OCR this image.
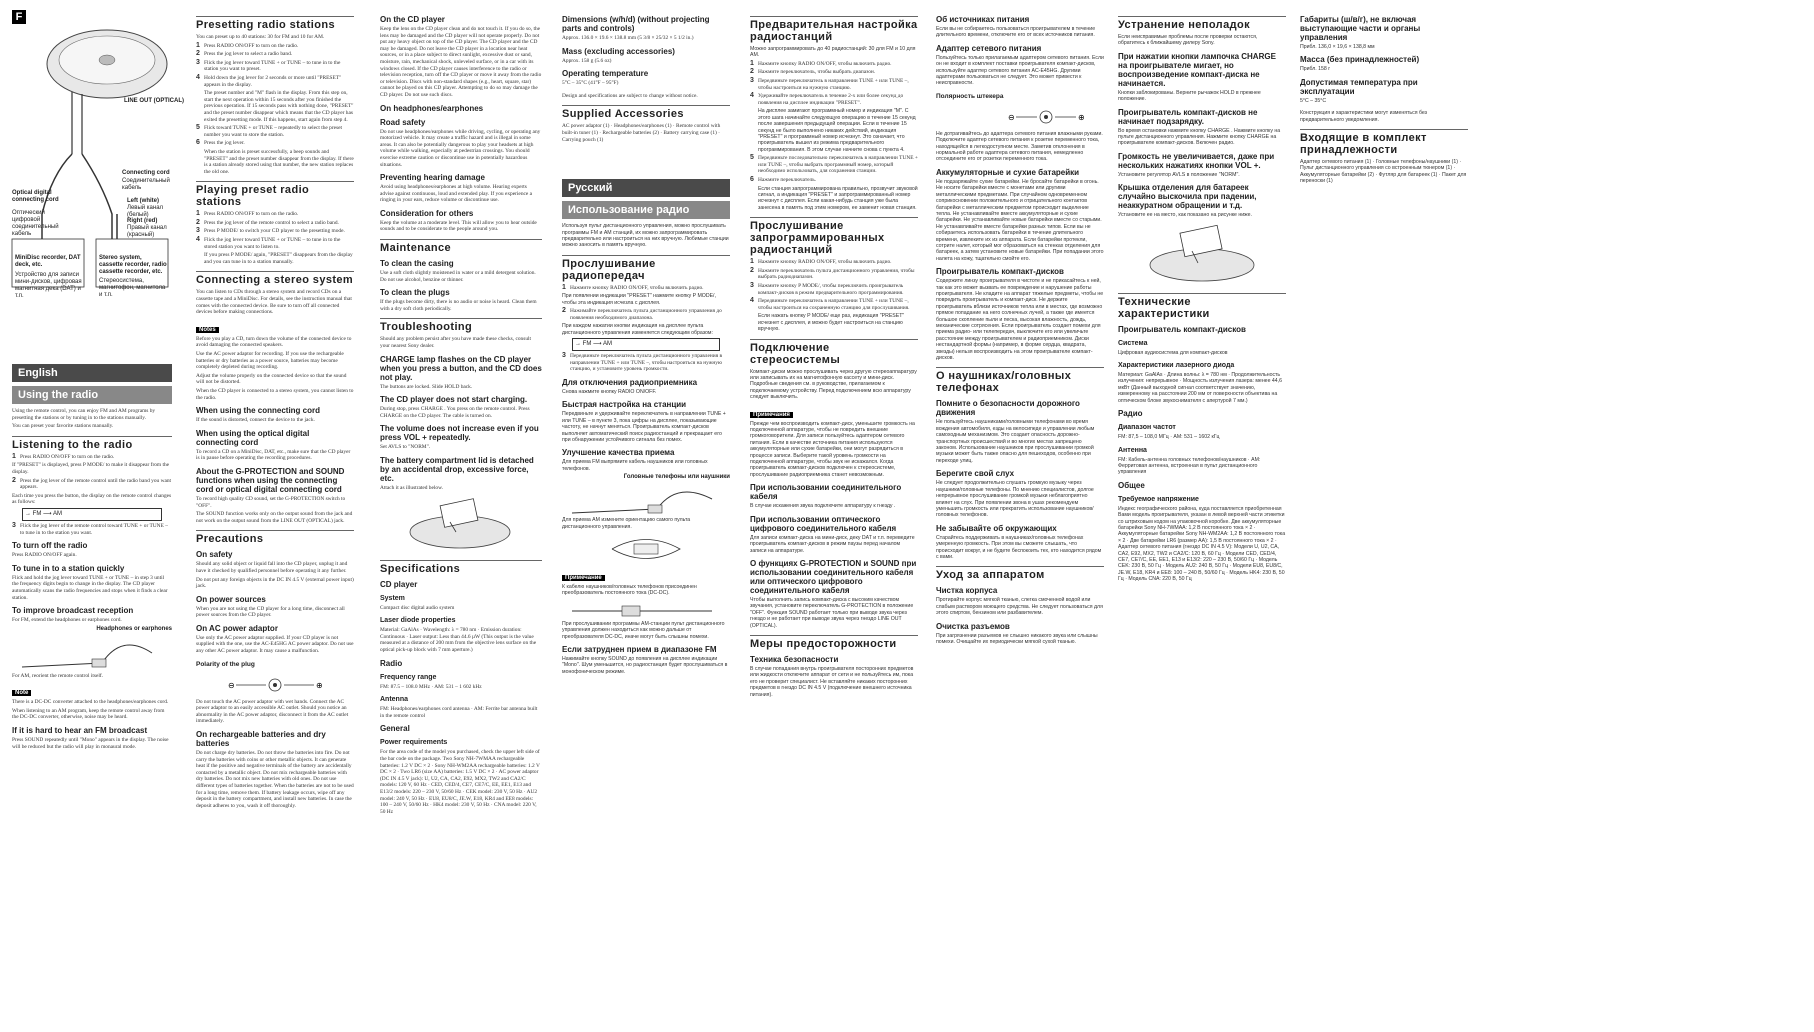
F
LINE OUT (OPTICAL)
Connecting cord
Соединительный кабель
Optical digital connecting cord
Оптический цифровой соединительный кабель
Left (white)
Левый канал (белый)
Right (red)
Правый канал (красный)
MiniDisc recorder, DAT deck, etc.
Устройство для записи мини-дисков, цифровая магнитная дека (DAT) и т.п.
Stereo system, cassette recorder, radio cassette recorder, etc.
Стереосистема, магнитофон, магнитола и т.п.
English
Using the radio

Using the remote control, you can enjoy FM and AM programs by presetting the stations or by tuning in to the stations manually.

You can preset your favorite stations manually.

Listening to the radio
1 Press RADIO ON/OFF to turn on the radio.

If "PRESET" is displayed, press P MODE/ to make it disappear from the display.

2 Press the jog lever of the remote control until the radio band you want appears.

Each time you press the button, the display on the remote control changes as follows:

→ FM ⟶ AM
3 Flick the jog lever of the remote control toward TUNE + or TUNE – to tune in to the station you want.
To turn off the radio

Press RADIO ON/OFF again.

To tune in to a station quickly

Flick and hold the jog lever toward TUNE + or TUNE – in step 3 until the frequency digits begin to change in the display. The CD player automatically scans the radio frequencies and stops when it finds a clear station.

To improve broadcast reception

For FM, extend the headphones or earphones cord.

Headphones or earphones

For AM, reorient the remote control itself.

Note

There is a DC-DC converter attached to the headphones/earphones cord.

When listening to an AM program, keep the remote control away from the DC-DC converter, otherwise, noise may be heard.

If it is hard to hear an FM broadcast

Press SOUND repeatedly until "Mono" appears in the display. The noise will be reduced but the radio will play in monaural mode.

Presetting radio stations

You can preset up to 40 stations: 30 for FM and 10 for AM.

1 Press RADIO ON/OFF to turn on the radio.
2 Press the jog lever to select a radio band.
3 Flick the jog lever toward TUNE + or TUNE – to tune in to the station you want to preset.
4 Hold down the jog lever for 2 seconds or more until "PRESET" appears in the display.

The preset number and "M" flash in the display. From this step on, start the next operation within 15 seconds after you finished the previous operation. If 15 seconds pass with nothing done, "PRESET" and the preset number disappear which means that the CD player has exited the presetting mode. If this happens, start again from step 4.

5 Flick toward TUNE + or TUNE – repeatedly to select the preset number you want to store the station.
6 Press the jog lever.

When the station is preset successfully, a beep sounds and "PRESET" and the preset number disappear from the display. If there is a station already stored using that number, the new station replaces the old one.

Playing preset radio stations
1 Press RADIO ON/OFF to turn on the radio.
2 Press the jog lever of the remote control to select a radio band.
3 Press P MODE/ to switch your CD player to the presetting mode.
4 Flick the jog lever toward TUNE + or TUNE – to tune in to the stored station you want to listen to.

If you press P MODE/ again, "PRESET" disappears from the display and you can tune in to a station manually.

Connecting a stereo system

You can listen to CDs through a stereo system and record CDs on a cassette tape and a MiniDisc. For details, see the instruction manual that comes with the connected device. Be sure to turn off all connected devices before making connections.

Notes

Before you play a CD, turn down the volume of the connected device to avoid damaging the connected speakers.

Use the AC power adaptor for recording. If you use the rechargeable batteries or dry batteries as a power source, batteries may become completely depleted during recording.

Adjust the volume properly on the connected device so that the sound will not be distorted.

When the CD player is connected to a stereo system, you cannot listen to the radio.

When using the connecting cord

If the sound is distorted, connect the device to the jack.

When using the optical digital connecting cord

To record a CD on a MiniDisc, DAT, etc., make sure that the CD player is in pause before operating the recording procedures.

About the G-PROTECTION and SOUND functions when using the connecting cord or optical digital connecting cord

To record high quality CD sound, set the G-PROTECTION switch to "OFF".

The SOUND function works only on the output sound from the jack and not work on the output sound from the LINE OUT (OPTICAL) jack.

Precautions
On safety

Should any solid object or liquid fall into the CD player, unplug it and have it checked by qualified personnel before operating it any further.

Do not put any foreign objects in the DC IN 4.5 V (external power input) jack.

On power sources

When you are not using the CD player for a long time, disconnect all power sources from the CD player.

On AC power adaptor

Use only the AC power adaptor supplied. If your CD player is not supplied with the one, use the AC-E45HG AC power adaptor. Do not use any other AC power adaptor. It may cause a malfunction.

Polarity of the plug
⊖	⊕

Do not touch the AC power adaptor with wet hands. Connect the AC power adaptor to an easily accessible AC outlet. Should you notice an abnormality in the AC power adaptor, disconnect it from the AC outlet immediately.

On rechargeable batteries and dry batteries

Do not charge dry batteries. Do not throw the batteries into fire. Do not carry the batteries with coins or other metallic objects. It can generate heat if the positive and negative terminals of the battery are accidentally contacted by a metallic object. Do not mix rechargeable batteries with dry batteries. Do not mix new batteries with old ones. Do not use different types of batteries together. When the batteries are not to be used for a long time, remove them. If battery leakage occurs, wipe off any deposit in the battery compartment, and install new batteries. In case the deposit adheres to you, wash it off thoroughly.

On the CD player

Keep the lens on the CD player clean and do not touch it. If you do so, the lens may be damaged and the CD player will not operate properly. Do not put any heavy object on top of the CD player. The CD player and the CD may be damaged. Do not leave the CD player in a location near heat sources, or in a place subject to direct sunlight, excessive dust or sand, moisture, rain, mechanical shock, unleveled surface, or in a car with its windows closed. If the CD player causes interference to the radio or television reception, turn off the CD player or move it away from the radio or television. Discs with non-standard shapes (e.g., heart, square, star) cannot be played on this CD player. Attempting to do so may damage the CD player. Do not use such discs.

On headphones/earphones
Road safety

Do not use headphones/earphones while driving, cycling, or operating any motorized vehicle. It may create a traffic hazard and is illegal in some areas. It can also be potentially dangerous to play your headsets at high volume while walking, especially at pedestrian crossings. You should exercise extreme caution or discontinue use in potentially hazardous situations.

Preventing hearing damage

Avoid using headphones/earphones at high volume. Hearing experts advise against continuous, loud and extended play. If you experience a ringing in your ears, reduce volume or discontinue use.

Consideration for others

Keep the volume at a moderate level. This will allow you to hear outside sounds and to be considerate to the people around you.

Maintenance
To clean the casing

Use a soft cloth slightly moistened in water or a mild detergent solution. Do not use alcohol, benzine or thinner.

To clean the plugs

If the plugs become dirty, there is no audio or noise is heard. Clean them with a dry soft cloth periodically.

Troubleshooting

Should any problem persist after you have made these checks, consult your nearest Sony dealer.

CHARGE lamp flashes on the CD player when you press a button, and the CD does not play.

The buttons are locked. Slide HOLD back.

The CD player does not start charging.

During stop, press CHARGE . You press on the remote control. Press CHARGE on the CD player. The cable is turned on.

The volume does not increase even if you press VOL + repeatedly.

Set AVLS to "NORM".

The battery compartment lid is detached by an accidental drop, excessive force, etc.

Attach it as illustrated below.

Specifications
CD player
System

Compact disc digital audio system

Laser diode properties

Material: GaAlAs · Wavelength: λ = 780 nm · Emission duration: Continuous · Laser output: Less than 44.6 µW (This output is the value measured at a distance of 200 mm from the objective lens surface on the optical pick-up block with 7 mm aperture.)

Radio
Frequency range

FM: 87.5 – 108.0 MHz · AM: 531 – 1 602 kHz

Antenna

FM: Headphones/earphones cord antenna · AM: Ferrite bar antenna built in the remote control

General
Power requirements

For the area code of the model you purchased, check the upper left side of the bar code on the package. Two Sony NH-7WMAA rechargeable batteries: 1.2 V DC × 2 · Sony NH-WM2AA rechargeable batteries: 1.2 V DC × 2 · Two LR6 (size AA) batteries: 1.5 V DC × 2 · AC power adaptor (DC IN 4.5 V jack): U, U2, CA, CA2, E92, MX2, TW2 and CA2/C models: 120 V, 60 Hz · CED, CED/4, CE7, CE7/C, EE, EE1, E13 and E13/2 models: 220 – 230 V, 50/60 Hz · CEK model: 230 V, 50 Hz · AU2 model: 240 V, 50 Hz · EU8, EU8/C, JE.W, E18, KR4 and EE8 models: 100 – 240 V, 50/60 Hz · HK4 model: 230 V, 50 Hz · CNA model: 220 V, 50 Hz

Dimensions (w/h/d) (without projecting parts and controls)

Approx. 136.0 × 19.6 × 138.8 mm (5 3/8 × 25/32 × 5 1/2 in.)

Mass (excluding accessories)

Approx. 158 g (5.6 oz)

Operating temperature

5°C – 35°C (41°F – 95°F)

Design and specifications are subject to change without notice.

Supplied Accessories

AC power adaptor (1) · Headphones/earphones (1) · Remote control with built-in tuner (1) · Rechargeable batteries (2) · Battery carrying case (1) · Carrying pouch (1)

Русский
Использование радио

Используя пульт дистанционного управления, можно прослушивать программы FM и AM станций, их можно запрограммировать предварительно или настроиться на них вручную. Любимые станции можно заносить в память вручную.

Прослушивание радиопередач
1 Нажмите кнопку RADIO ON/OFF, чтобы включить радио.

При появлении индикации "PRESET" нажмите кнопку P MODE/, чтобы эта индикация исчезла с дисплея.

2 Нажимайте переключатель пульта дистанционного управления до появления необходимого диапазона.

При каждом нажатии кнопки индикация на дисплее пульта дистанционного управления изменяется следующим образом:

→ FM ⟶ AM
3 Передвиньте переключатель пульта дистанционного управления в направлении TUNE + или TUNE –, чтобы настроиться на нужную станцию, и установите уровень громкости.
Для отключения радиоприемника

Снова нажмите кнопку RADIO ON/OFF.

Быстрая настройка на станции

Передвиньте и удерживайте переключатель в направлении TUNE + или TUNE – в пункте 3, пока цифры на дисплее, показывающие частоту, не начнут меняться. Проигрыватель компакт-дисков выполняет автоматический поиск радиостанций и прекращает его при обнаружении устойчивого сигнала без помех.

Улучшение качества приема

Для приема FM выпрямите кабель наушников или головных телефонов.

Головные телефоны или наушники

Для приема AM измените ориентацию самого пульта дистанционного управления.

Примечание

К кабелю наушников/головных телефонов присоединен преобразователь постоянного тока (DC-DC).

При прослушивании программы AM-станции пульт дистанционного управления должен находиться как можно дальше от преобразователя DC-DC, иначе могут быть слышны помехи.

Если затруднен прием в диапазоне FM

Нажимайте кнопку SOUND до появления на дисплее индикации "Mono". Шум уменьшится, но радиостанция будет прослушиваться в монофоническом режиме.

Предварительная настройка радиостанций

Можно запрограммировать до 40 радиостанций: 30 для FM и 10 для AM.

1 Нажмите кнопку RADIO ON/OFF, чтобы включить радио.
2 Нажмите переключатель, чтобы выбрать диапазон.
3 Передвиньте переключатель в направлении TUNE + или TUNE –, чтобы настроиться на нужную станцию.
4 Удерживайте переключатель в течение 2-х или более секунд до появления на дисплее индикации "PRESET".

На дисплее замигают программный номер и индикация "M". С этого шага начинайте следующую операцию в течение 15 секунд после завершения предыдущей операции. Если в течение 15 секунд не было выполнено никаких действий, индикация "PRESET" и программный номер исчезнут. Это означает, что проигрыватель вышел из режима предварительного программирования. В этом случае начните снова с пункта 4.

5 Передвиньте последовательно переключатель в направлении TUNE + или TUNE –, чтобы выбрать программный номер, который необходимо использовать, для сохранения станции.
6 Нажмите переключатель.

Если станция запрограммирована правильно, прозвучит звуковой сигнал, а индикация "PRESET" и запрограммированный номер исчезнут с дисплея. Если какая-нибудь станция уже была занесена в память под этим номером, ее заменит новая станция.

Прослушивание запрограммированных радиостанций
1 Нажмите кнопку RADIO ON/OFF, чтобы включить радио.
2 Нажмите переключатель пульта дистанционного управления, чтобы выбрать радиодиапазон.
3 Нажмите кнопку P MODE/, чтобы переключить проигрыватель компакт-дисков в режим предварительного программирования.
4 Передвиньте переключатель в направлении TUNE + или TUNE –, чтобы настроиться на сохраненную станцию для прослушивания.

Если нажать кнопку P MODE/ еще раз, индикация "PRESET" исчезнет с дисплея, и можно будет настроиться на станцию вручную.

Подключение стереосистемы

Компакт-диски можно прослушивать через другую стереоаппаратуру или записывать их на магнитофонную кассету и мини-диск. Подробные сведения см. в руководстве, прилагаемом к подключаемому устройству. Перед подключением всю аппаратуру следует выключить.

Примечания

Прежде чем воспроизводить компакт-диск, уменьшите громкость на подключенной аппаратуре, чтобы не повредить внешние громкоговорители. Для записи пользуйтесь адаптером сетевого питания. Если в качестве источника питания используются аккумуляторные или сухие батарейки, они могут разрядиться в процессе записи. Выберите такой уровень громкости на подключенной аппаратуре, чтобы звук не искажался. Когда проигрыватель компакт-дисков подключен к стереосистеме, прослушивание радиоприемника станет невозможным.

При использовании соединительного кабеля

В случае искажения звука подключите аппаратуру к гнезду .

При использовании оптического цифрового соединительного кабеля

Для записи компакт-диска на мини-диск, деку DAT и т.п. переведите проигрыватель компакт-дисков в режим паузы перед началом записи на аппаратуре.

О функциях G-PROTECTION и SOUND при использовании соединительного кабеля или оптического цифрового соединительного кабеля

Чтобы выполнить запись компакт-диска с высоким качеством звучания, установите переключатель G-PROTECTION в положение "OFF". Функция SOUND работает только при выводе звука через гнездо и не работает при выводе звука через гнездо LINE OUT (OPTICAL).

Меры предосторожности
Техника безопасности

В случае попадания внутрь проигрывателя посторонних предметов или жидкости отключите аппарат от сети и не пользуйтесь им, пока его не проверит специалист. Не вставляйте никаких посторонних предметов в гнездо DC IN 4.5 V (подключение внешнего источника питания).

Об источниках питания

Если вы не собираетесь пользоваться проигрывателем в течение длительного времени, отключите его от всех источников питания.

Адаптер сетевого питания

Пользуйтесь только прилагаемым адаптером сетевого питания. Если он не входит в комплект поставки проигрывателя компакт-дисков, используйте адаптер сетевого питания AC-E45HG. Другими адаптерами пользоваться не следует. Это может привести к неисправности.

Полярность штекера
⊖	⊕

Не дотрагивайтесь до адаптера сетевого питания влажными руками. Подключите адаптер сетевого питания к розетке переменного тока, находящейся в легкодоступном месте. Заметив отклонения в нормальной работе адаптера сетевого питания, немедленно отсоедините его от розетки переменного тока.

Аккумуляторные и сухие батарейки

Не подзаряжайте сухие батарейки. Не бросайте батарейки в огонь. Не носите батарейки вместе с монетами или другими металлическими предметами. При случайном одновременном соприкосновении положительного и отрицательного контактов батарейки с металлическим предметом происходит выделение тепла. Не устанавливайте вместе аккумуляторные и сухие батарейки. Не устанавливайте новые батарейки вместе со старыми. Не устанавливайте вместе батарейки разных типов. Если вы не собираетесь использовать батарейки в течение длительного времени, извлеките их из аппарата. Если батарейки протекли, сотрите налет, который мог образоваться на стенках отделения для батареек, а затем установите новые батарейки. При попадании этого налета на кожу, тщательно смойте его.

Проигрыватель компакт-дисков

Содержите линзу проигрывателя в чистоте и не прикасайтесь к ней, так как это может вызвать ее повреждение и нарушение работы проигрывателя. Не кладите на аппарат тяжелые предметы, чтобы не повредить проигрыватель и компакт-диск. Не держите проигрыватель вблизи источников тепла или в местах, где возможно прямое попадание на него солнечных лучей, а также где имеется большое скопление пыли и песка, высокая влажность, дождь, механические сотрясения. Если проигрыватель создает помехи для приема радио- или телепередач, выключите его или увеличьте расстояние между проигрывателем и радиоприемником. Диски нестандартной формы (например, в форме сердца, квадрата, звезды) нельзя воспроизводить на этом проигрывателе компакт-дисков.

О наушниках/головных телефонах
Помните о безопасности дорожного движения

Не пользуйтесь наушниками/головными телефонами во время вождения автомобиля, езды на велосипеде и управлении любым самоходным механизмом. Это создает опасность дорожно-транспортных происшествий и во многих местах запрещено законом. Использование наушников при прослушивании громкой музыки может быть также опасно для пешеходов, особенно при переходе улиц.

Берегите свой слух

Не следует продолжительно слушать громкую музыку через наушники/головные телефоны. По мнению специалистов, долгое непрерывное прослушивание громкой музыки неблагоприятно влияет на слух. При появлении звона в ушах рекомендуем уменьшить громкость или прекратить использование наушников/головных телефонов.

Не забывайте об окружающих

Старайтесь поддерживать в наушниках/головных телефонах умеренную громкость. При этом вы сможете слышать, что происходит вокруг, и не будете беспокоить тех, кто находится рядом с вами.

Уход за аппаратом
Чистка корпуса

Протирайте корпус мягкой тканью, слегка смоченной водой или слабым раствором моющего средства. Не следует пользоваться для этого спиртом, бензином или разбавителем.

Очистка разъемов

При загрязнении разъемов не слышно никакого звука или слышны помехи. Очищайте их периодически мягкой сухой тканью.

Устранение неполадок

Если неисправимые проблемы после проверки остаются, обратитесь к ближайшему дилеру Sony.

При нажатии кнопки лампочка CHARGE на проигрывателе мигает, но воспроизведение компакт-диска не начинается.

Кнопки заблокированы. Верните рычажок HOLD в прежнее положение.

Проигрыватель компакт-дисков не начинает подзарядку.

Во время остановки нажмите кнопку CHARGE . Нажмите кнопку на пульте дистанционного управления. Нажмите кнопку CHARGE на проигрывателе компакт-дисков. Включен радио.

Громкость не увеличивается, даже при нескольких нажатиях кнопки VOL +.

Установите регулятор AVLS в положение "NORM".

Крышка отделения для батареек случайно выскочила при падении, неаккуратном обращении и т.д.

Установите ее на место, как показано на рисунке ниже.

Технические характеристики
Проигрыватель компакт-дисков
Система

Цифровая аудиосистема для компакт-дисков

Характеристики лазерного диода

Материал: GaAlAs · Длина волны: λ = 780 нм · Продолжительность излучения: непрерывное · Мощность излучения лазера: менее 44,6 мкВт (Данный выходной сигнал соответствует значению, измеренному на расстоянии 200 мм от поверхности объектива на оптическом блоке звукоснимателя с апертурой 7 мм.)

Радио
Диапазон частот

FM: 87,5 – 108,0 МГц · AM: 531 – 1602 кГц

Антенна

FM: Кабель-антенна головных телефонов/наушников · AM: Ферритовая антенна, встроенная в пульт дистанционного управления

Общее
Требуемое напряжение

Индекс географического района, куда поставляется приобретенная Вами модель проигрывателя, указан в левой верхней части этикетки со штриховым кодом на упаковочной коробке. Две аккумуляторные батарейки Sony NH-7WMAA: 1,2 В постоянного тока × 2 · Аккумуляторные батарейки Sony NH-WM2AA: 1,2 В постоянного тока × 2 · Две батарейки LR6 (размер AA): 1,5 В постоянного тока × 2 · Адаптер сетевого питания (гнездо DC IN 4.5 V): Модели U, U2, CA, CA2, E92, MX2, TW2 и CA2/C: 120 В, 60 Гц · Модели CED, CED/4, CE7, CE7/C, EE, EE1, E13 и E13/2: 220 – 230 В, 50/60 Гц · Модель CEK: 230 В, 50 Гц · Модель AU2: 240 В, 50 Гц · Модели EU8, EU8/C, JE.W, E18, KR4 и EE8: 100 – 240 В, 50/60 Гц · Модель HK4: 230 В, 50 Гц · Модель CNA: 220 В, 50 Гц

Габариты (ш/в/г), не включая выступающие части и органы управления

Прибл. 136,0 × 19,6 × 138,8 мм

Масса (без принадлежностей)

Прибл. 158 г

Допустимая температура при эксплуатации

5°C – 35°C

Конструкция и характеристики могут изменяться без предварительного уведомления.

Входящие в комплект принадлежности

Адаптер сетевого питания (1) · Головные телефоны/наушники (1) · Пульт дистанционного управления со встроенным тюнером (1) · Аккумуляторные батарейки (2) · Футляр для батареек (1) · Пакет для переноски (1)
